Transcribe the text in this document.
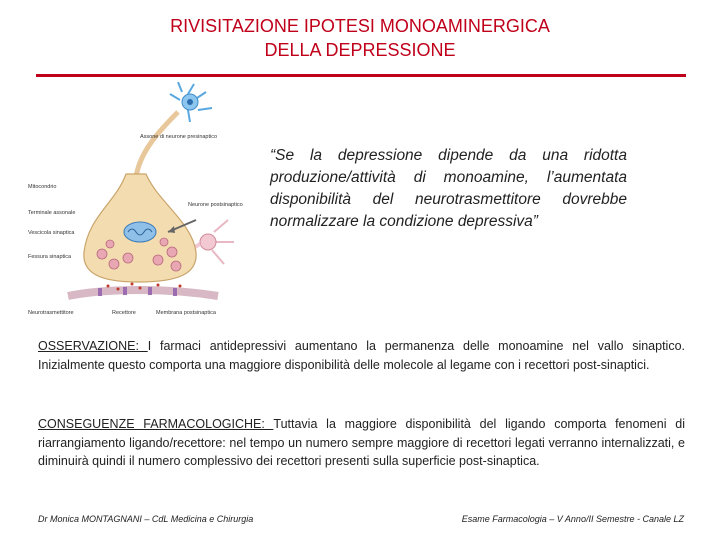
RIVISITAZIONE IPOTESI MONOAMINERGICA
DELLA DEPRESSIONE
Assone di neurone presinaptico
Mitocondrio
Terminale assonale
Vescicola sinaptica
Fessura sinaptica
Neurone postsinaptico
Neurotrasmettitore	Recettore	Membrana postsinaptica
“Se la depressione dipende da una ridotta produzione/attività di monoamine, l’aumentata disponibilità del neurotrasmettitore dovrebbe normalizzare la condizione depressiva”
OSSERVAZIONE: I farmaci antidepressivi aumentano la permanenza delle monoamine nel vallo sinaptico. Inizialmente questo comporta una maggiore disponibilità delle molecole al legame con i recettori post-sinaptici.
CONSEGUENZE FARMACOLOGICHE: Tuttavia la maggiore disponibilità del ligando comporta fenomeni di riarrangiamento ligando/recettore: nel tempo un numero sempre maggiore di recettori legati verranno internalizzati, e diminuirà quindi il numero complessivo dei recettori presenti sulla superficie post-sinaptica.
Dr Monica MONTAGNANI – CdL Medicina e Chirurgia	Esame Farmacologia – V Anno/II Semestre - Canale LZ
